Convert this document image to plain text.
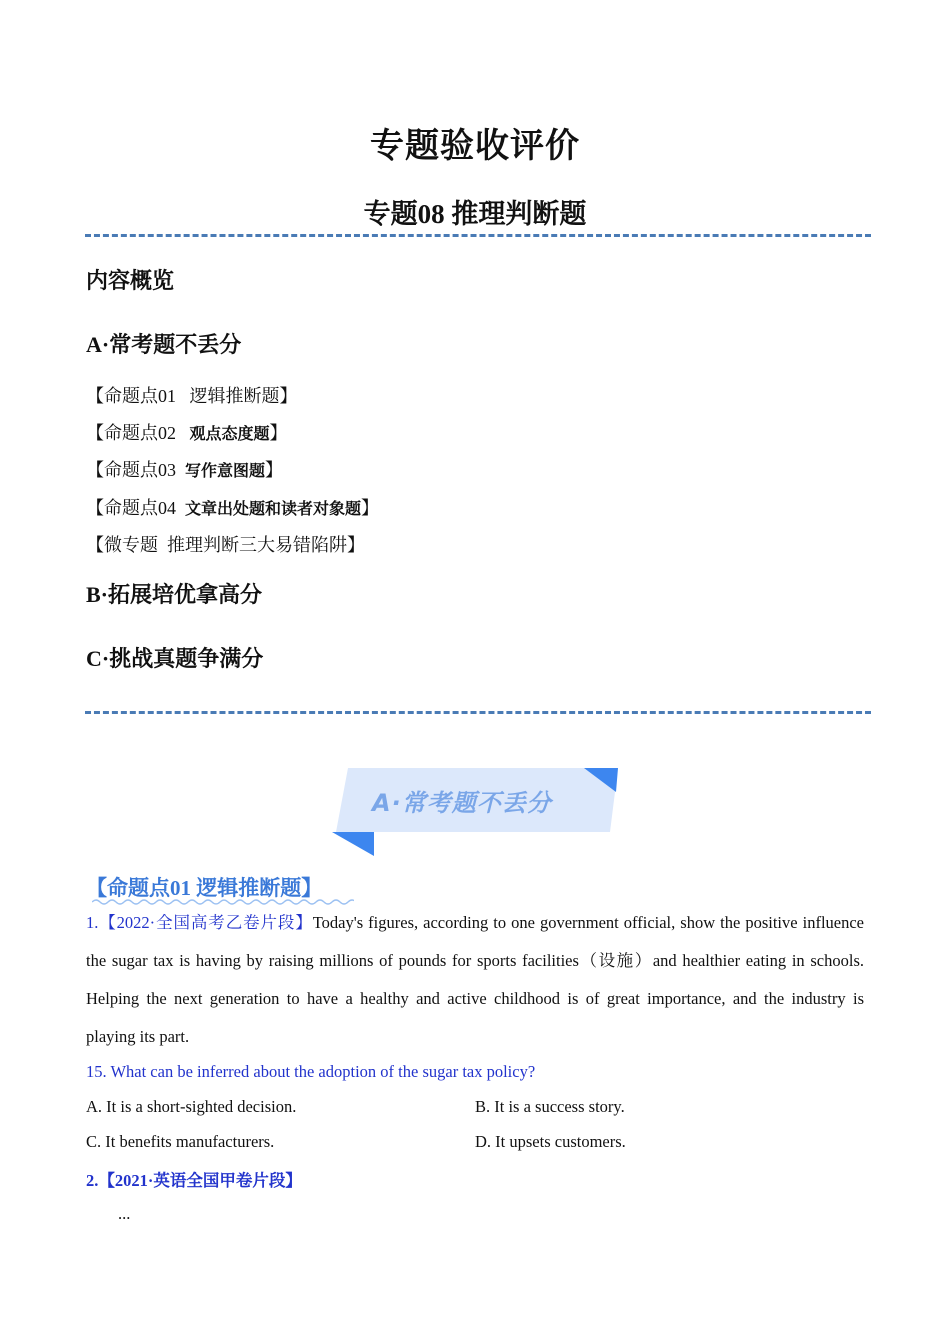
专题验收评价
专题08 推理判断题
内容概览
A·常考题不丢分
【命题点01 逻辑推断题】
【命题点02 观点态度题】
【命题点03 写作意图题】
【命题点04 文章出处题和读者对象题】
【微专题 推理判断三大易错陷阱】
B·拓展培优拿高分
C·挑战真题争满分
A·常考题不丢分
【命题点01 逻辑推断题】
1.【2022·全国高考乙卷片段】Today's figures, according to one government official, show the positive influence
the sugar tax is having by raising millions of pounds for sports facilities（设施）and healthier eating in schools.
Helping the next generation to have a healthy and active childhood is of great importance, and the industry is
playing its part.
15. What can be inferred about the adoption of the sugar tax policy?
A. It is a short-sighted decision.	B. It is a success story.
C. It benefits manufacturers.	D. It upsets customers.
2.【2021·英语全国甲卷片段】
...
